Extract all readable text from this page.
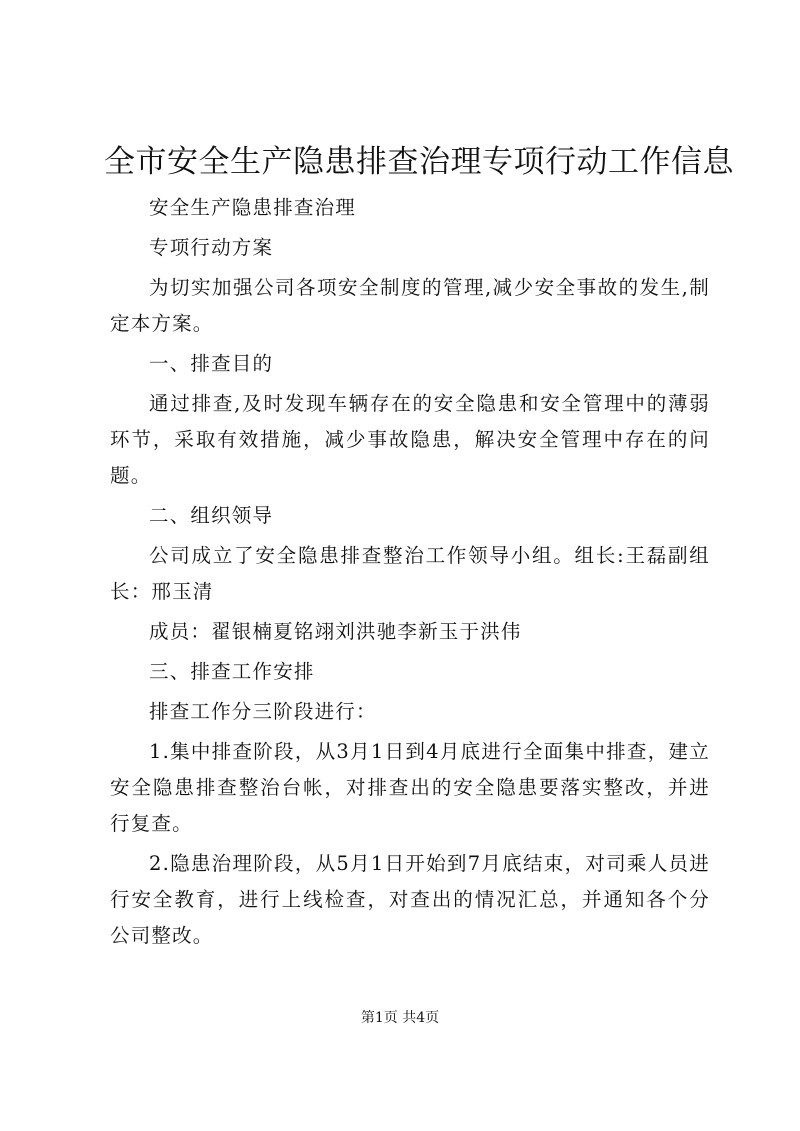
全市安全生产隐患排查治理专项行动工作信息

安全生产隐患排查治理

专项行动方案

为切实加强公司各项安全制度的管理,减少安全事故的发生,制定本方案。

一、排查目的

通过排查,及时发现车辆存在的安全隐患和安全管理中的薄弱环节，采取有效措施，减少事故隐患，解决安全管理中存在的问题。

二、组织领导

公司成立了安全隐患排查整治工作领导小组。组长:王磊副组长：邢玉清

成员：翟银楠夏铭翊刘洪驰李新玉于洪伟

三、排查工作安排

排查工作分三阶段进行：

1.集中排查阶段，从3月1日到4月底进行全面集中排查，建立安全隐患排查整治台帐，对排查出的安全隐患要落实整改，并进行复查。

2.隐患治理阶段，从5月1日开始到7月底结束，对司乘人员进行安全教育，进行上线检查，对查出的情况汇总，并通知各个分公司整改。

第1页 共4页
